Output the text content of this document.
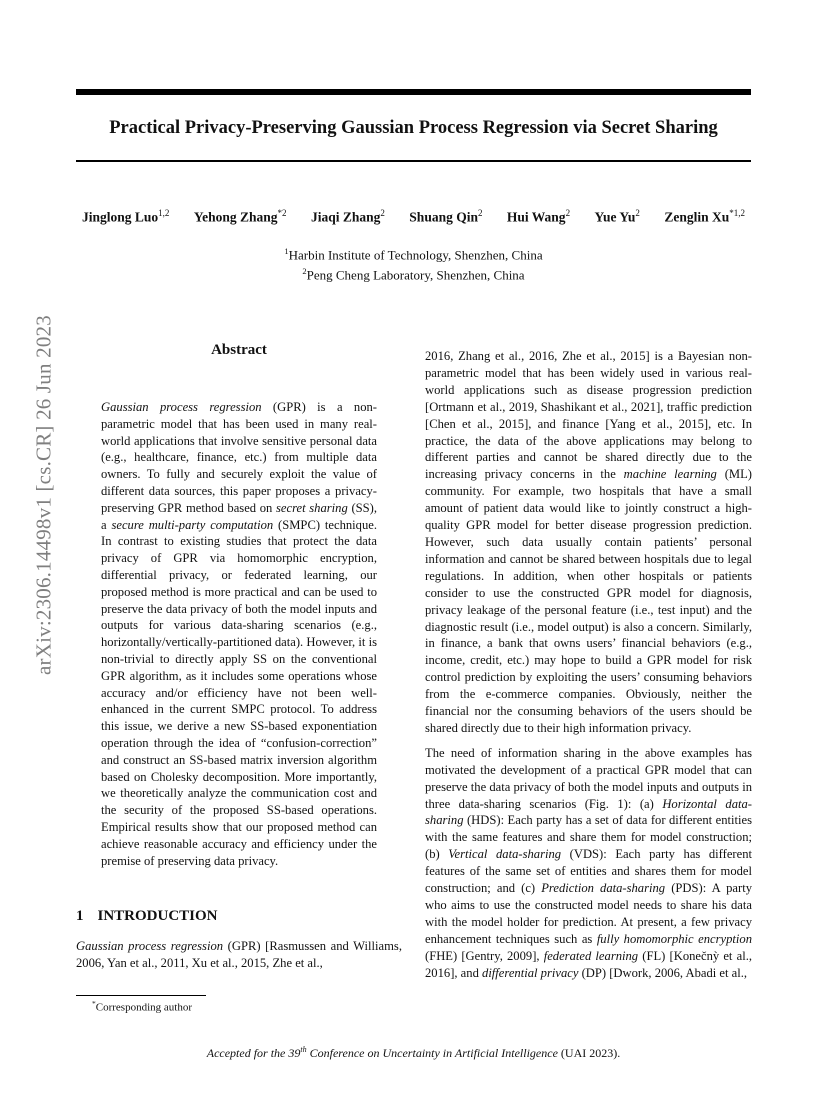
arXiv:2306.14498v1 [cs.CR] 26 Jun 2023
Practical Privacy-Preserving Gaussian Process Regression via Secret Sharing
Jinglong Luo$^{1,2}$ Yehong Zhang$^{*2}$ Jiaqi Zhang$^2$ Shuang Qin$^2$ Hui Wang$^2$ Yue Yu$^2$ Zenglin Xu$^{*1,2}$
$^1$Harbin Institute of Technology, Shenzhen, China
$^2$Peng Cheng Laboratory, Shenzhen, China
Abstract

Gaussian process regression (GPR) is a non-parametric model that has been used in many real-world applications that involve sensitive personal data (e.g., healthcare, finance, etc.) from multiple data owners. To fully and securely exploit the value of different data sources, this paper proposes a privacy-preserving GPR method based on secret sharing (SS), a secure multi-party computation (SMPC) technique. In contrast to existing studies that protect the data privacy of GPR via homomorphic encryption, differential privacy, or federated learning, our proposed method is more practical and can be used to preserve the data privacy of both the model inputs and outputs for various data-sharing scenarios (e.g., horizontally/vertically-partitioned data). However, it is non-trivial to directly apply SS on the conventional GPR algorithm, as it includes some operations whose accuracy and/or efficiency have not been well-enhanced in the current SMPC protocol. To address this issue, we derive a new SS-based exponentiation operation through the idea of “confusion-correction” and construct an SS-based matrix inversion algorithm based on Cholesky decomposition. More importantly, we theoretically analyze the communication cost and the security of the proposed SS-based operations. Empirical results show that our proposed method can achieve reasonable accuracy and efficiency under the premise of preserving data privacy.

1 INTRODUCTION

Gaussian process regression (GPR) [Rasmussen and Williams, 2006, Yan et al., 2011, Xu et al., 2015, Zhe et al.,

2016, Zhang et al., 2016, Zhe et al., 2015] is a Bayesian non-parametric model that has been widely used in various real-world applications such as disease progression prediction [Ortmann et al., 2019, Shashikant et al., 2021], traffic prediction [Chen et al., 2015], and finance [Yang et al., 2015], etc. In practice, the data of the above applications may belong to different parties and cannot be shared directly due to the increasing privacy concerns in the machine learning (ML) community. For example, two hospitals that have a small amount of patient data would like to jointly construct a high-quality GPR model for better disease progression prediction. However, such data usually contain patients’ personal information and cannot be shared between hospitals due to legal regulations. In addition, when other hospitals or patients consider to use the constructed GPR model for diagnosis, privacy leakage of the personal feature (i.e., test input) and the diagnostic result (i.e., model output) is also a concern. Similarly, in finance, a bank that owns users’ financial behaviors (e.g., income, credit, etc.) may hope to build a GPR model for risk control prediction by exploiting the users’ consuming behaviors from the e-commerce companies. Obviously, neither the financial nor the consuming behaviors of the users should be shared directly due to their high information privacy.

The need of information sharing in the above examples has motivated the development of a practical GPR model that can preserve the data privacy of both the model inputs and outputs in three data-sharing scenarios (Fig. 1): (a) Horizontal data-sharing (HDS): Each party has a set of data for different entities with the same features and share them for model construction; (b) Vertical data-sharing (VDS): Each party has different features of the same set of entities and shares them for model construction; and (c) Prediction data-sharing (PDS): A party who aims to use the constructed model needs to share his data with the model holder for prediction. At present, a few privacy enhancement techniques such as fully homomorphic encryption (FHE) [Gentry, 2009], federated learning (FL) [Konečnỳ et al., 2016], and differential privacy (DP) [Dwork, 2006, Abadi et al.,

*Corresponding author
Accepted for the 39th Conference on Uncertainty in Artificial Intelligence (UAI 2023).
